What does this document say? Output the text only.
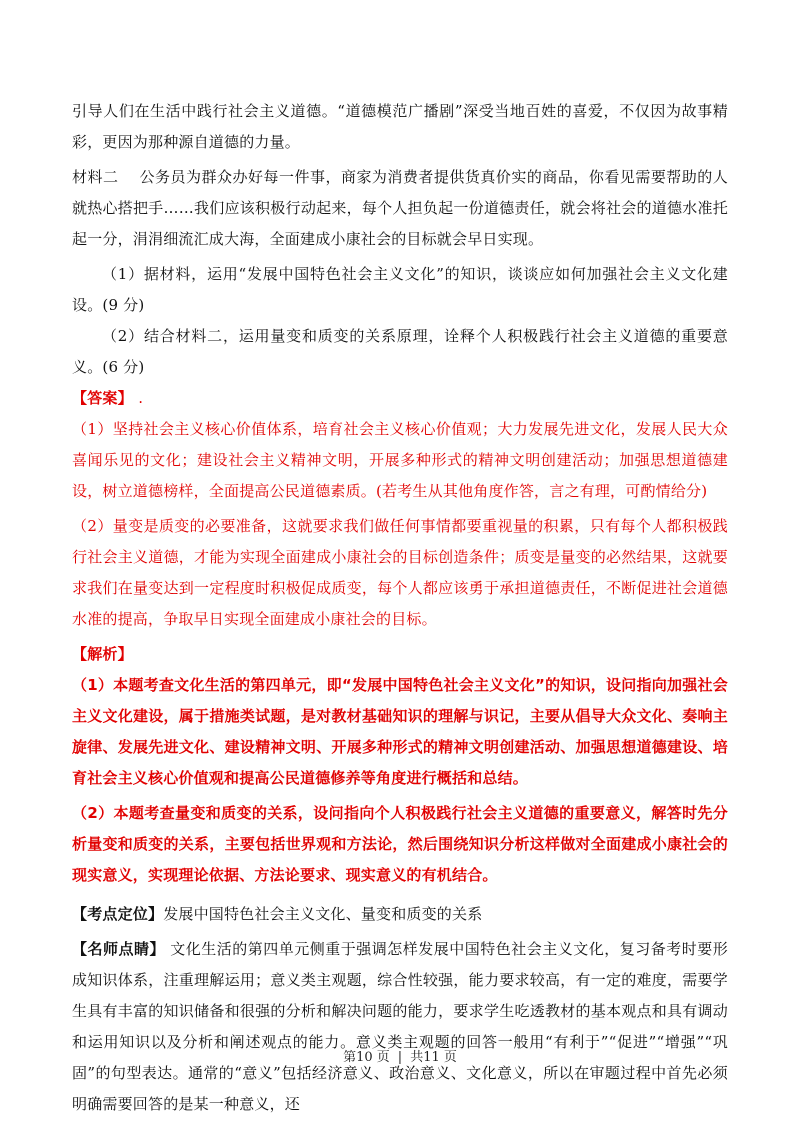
引导人们在生活中践行社会主义道德。“道德模范广播剧”深受当地百姓的喜爱，不仅因为故事精彩，更因为那种源自道德的力量。

材料二 公务员为群众办好每一件事，商家为消费者提供货真价实的商品，你看见需要帮助的人就热心搭把手……我们应该积极行动起来，每个人担负起一份道德责任，就会将社会的道德水准托起一分，涓涓细流汇成大海，全面建成小康社会的目标就会早日实现。

（1）据材料，运用“发展中国特色社会主义文化”的知识，谈谈应如何加强社会主义文化建设。(9 分)

（2）结合材料二，运用量变和质变的关系原理，诠释个人积极践行社会主义道德的重要意义。(6 分)

【答案】 .

（1）坚持社会主义核心价值体系，培育社会主义核心价值观；大力发展先进文化，发展人民大众喜闻乐见的文化；建设社会主义精神文明，开展多种形式的精神文明创建活动；加强思想道德建设，树立道德榜样，全面提高公民道德素质。(若考生从其他角度作答，言之有理，可酌情给分)

（2）量变是质变的必要准备，这就要求我们做任何事情都要重视量的积累，只有每个人都积极践行社会主义道德，才能为实现全面建成小康社会的目标创造条件；质变是量变的必然结果，这就要求我们在量变达到一定程度时积极促成质变，每个人都应该勇于承担道德责任，不断促进社会道德水准的提高，争取早日实现全面建成小康社会的目标。

【解析】

（1）本题考查文化生活的第四单元，即“发展中国特色社会主义文化”的知识，设问指向加强社会主义文化建设，属于措施类试题，是对教材基础知识的理解与识记，主要从倡导大众文化、奏响主旋律、发展先进文化、建设精神文明、开展多种形式的精神文明创建活动、加强思想道德建设、培育社会主义核心价值观和提高公民道德修养等角度进行概括和总结。

（2）本题考查量变和质变的关系，设问指向个人积极践行社会主义道德的重要意义，解答时先分析量变和质变的关系，主要包括世界观和方法论，然后围绕知识分析这样做对全面建成小康社会的现实意义，实现理论依据、方法论要求、现实意义的有机结合。

【考点定位】发展中国特色社会主义文化、量变和质变的关系

【名师点睛】 文化生活的第四单元侧重于强调怎样发展中国特色社会主义文化，复习备考时要形成知识体系，注重理解运用；意义类主观题，综合性较强，能力要求较高，有一定的难度，需要学生具有丰富的知识储备和很强的分析和解决问题的能力，要求学生吃透教材的基本观点和具有调动和运用知识以及分析和阐述观点的能力。意义类主观题的回答一般用“有利于”“促进”“增强”“巩固”的句型表达。通常的“意义”包括经济意义、政治意义、文化意义，所以在审题过程中首先必须明确需要回答的是某一种意义，还

第10 页 | 共11 页
